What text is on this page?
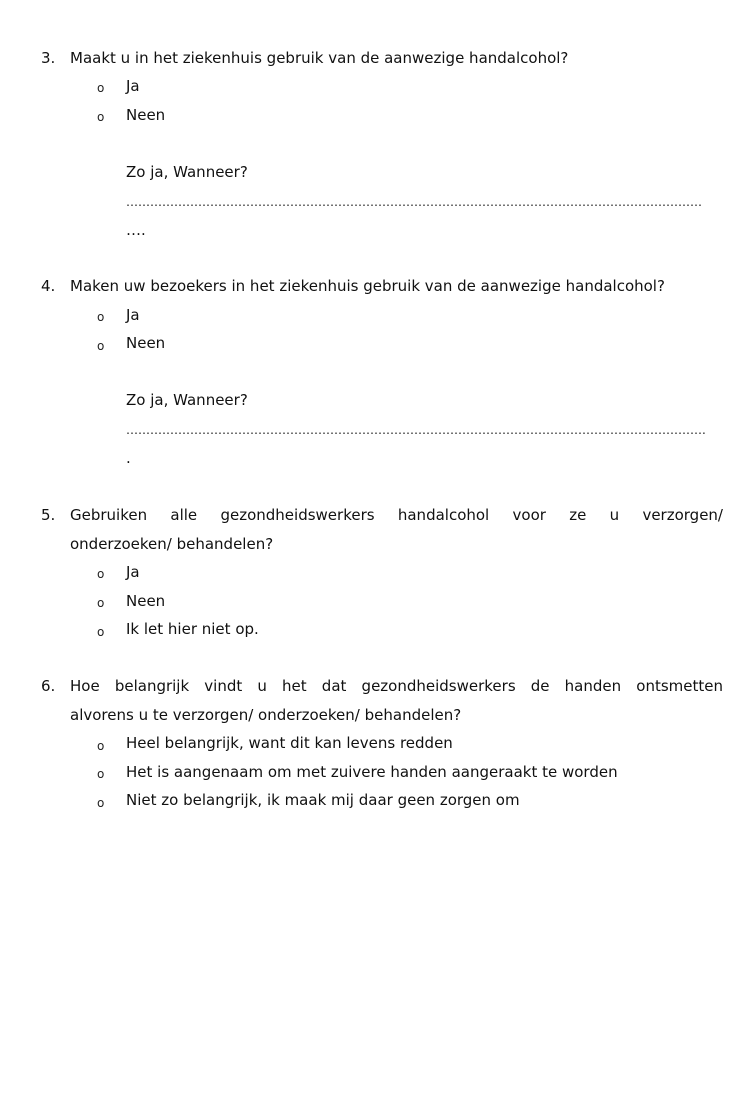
3. Maakt u in het ziekenhuis gebruik van de aanwezige handalcohol?
o Ja
o Neen
Zo ja, Wanneer?
………………………………………………………………………………………………………………………………
….
4. Maken uw bezoekers in het ziekenhuis gebruik van de aanwezige handalcohol?
o Ja
o Neen
Zo ja, Wanneer?
……………………………………………………………………………………………………………………………….
.
5. Gebruiken alle gezondheidswerkers handalcohol voor ze u verzorgen/
onderzoeken/ behandelen?
o Ja
o Neen
o Ik let hier niet op.
6. Hoe belangrijk vindt u het dat gezondheidswerkers de handen ontsmetten
alvorens u te verzorgen/ onderzoeken/ behandelen?
o Heel belangrijk, want dit kan levens redden
o Het is aangenaam om met zuivere handen aangeraakt te worden
o Niet zo belangrijk, ik maak mij daar geen zorgen om
